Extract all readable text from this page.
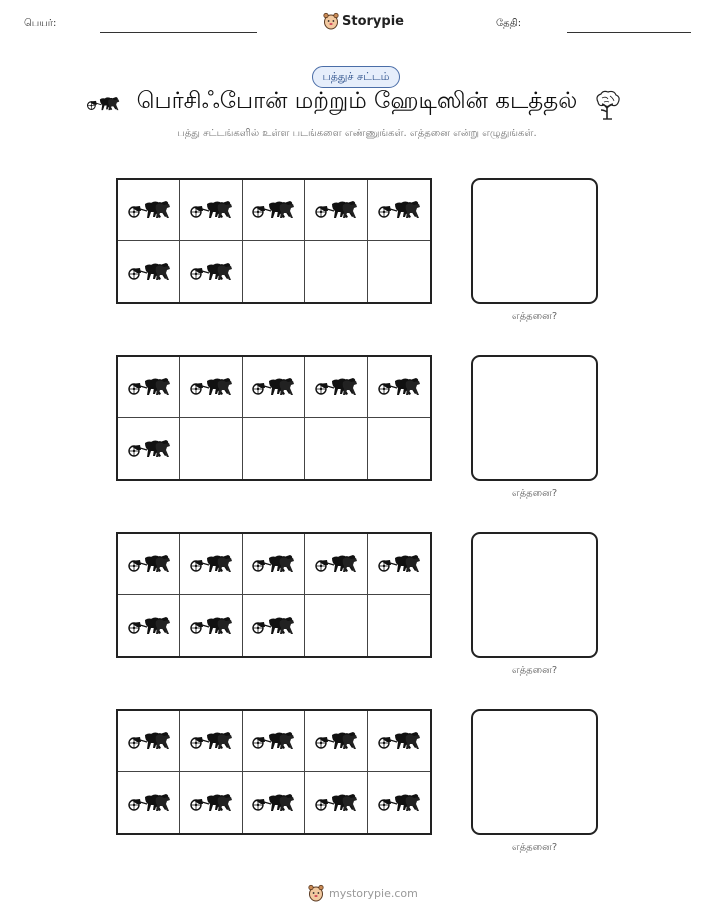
பெயர்:	Storypie	தேதி:
பத்துச் சட்டம்
பெர்சிஃபோன் மற்றும் ஹேடிஸின் கடத்தல்
பத்து சட்டங்களில் உள்ள படங்களை எண்ணுங்கள். எத்தனை என்று எழுதுங்கள்.
எத்தனை?
எத்தனை?
எத்தனை?
எத்தனை?
mystorypie.com
